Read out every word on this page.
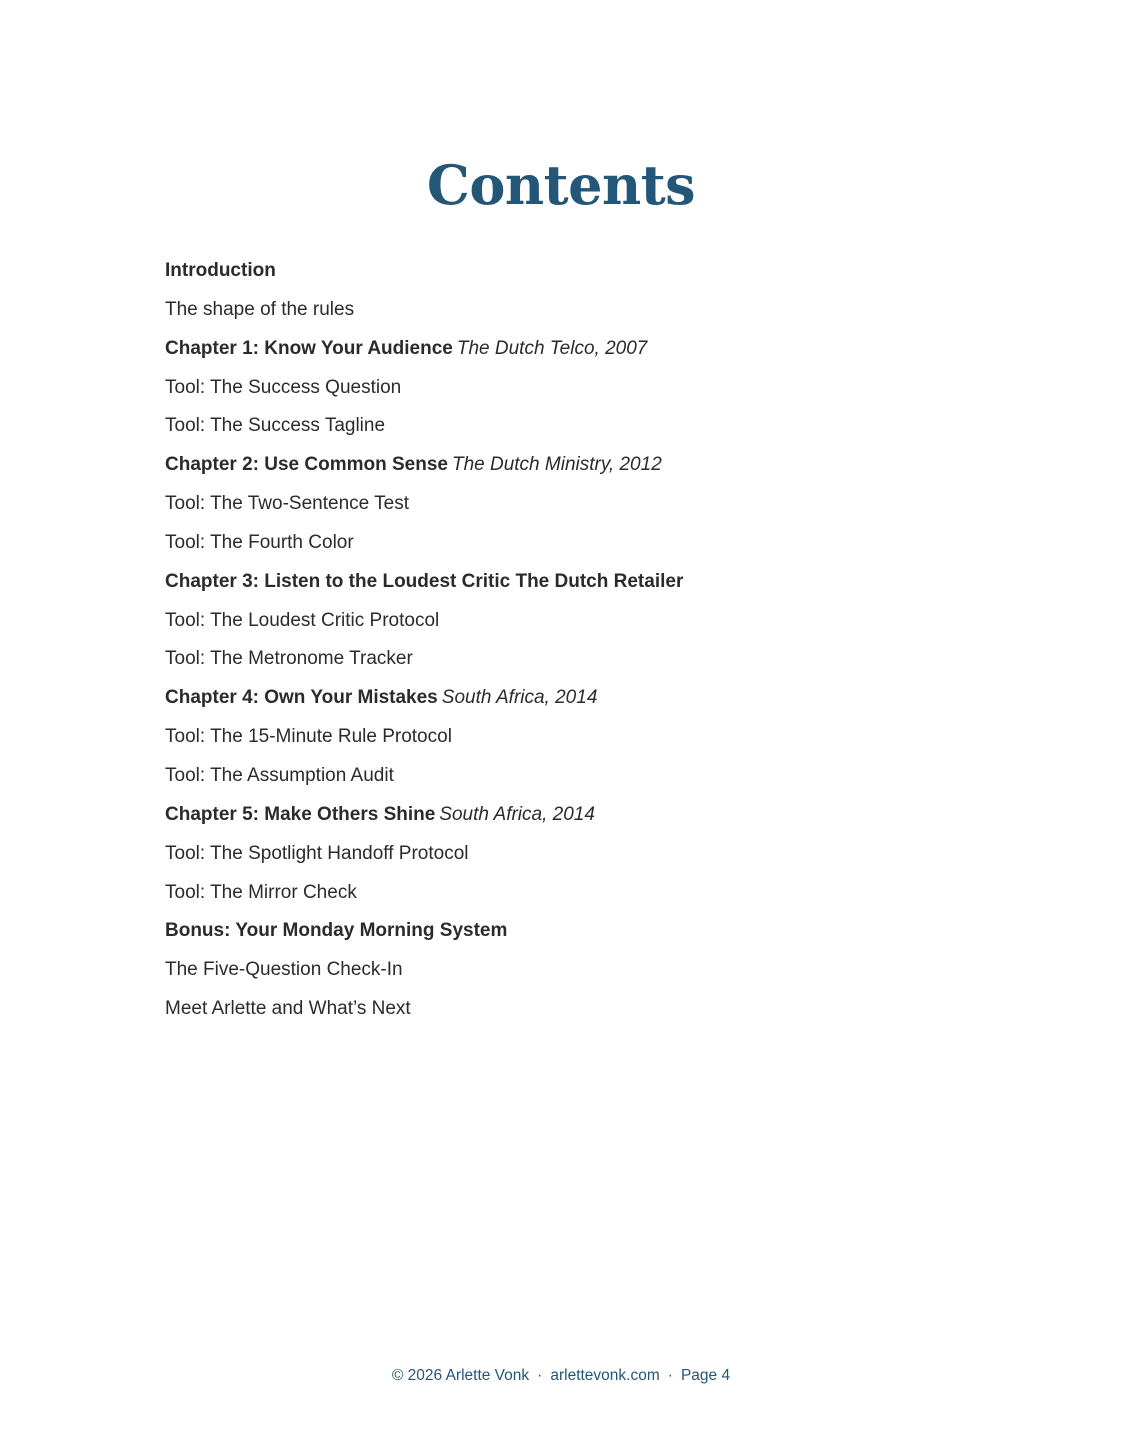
Contents
Introduction
The shape of the rules
Chapter 1: Know Your Audience The Dutch Telco, 2007
Tool: The Success Question
Tool: The Success Tagline
Chapter 2: Use Common Sense The Dutch Ministry, 2012
Tool: The Two-Sentence Test
Tool: The Fourth Color
Chapter 3: Listen to the Loudest Critic The Dutch Retailer
Tool: The Loudest Critic Protocol
Tool: The Metronome Tracker
Chapter 4: Own Your Mistakes South Africa, 2014
Tool: The 15-Minute Rule Protocol
Tool: The Assumption Audit
Chapter 5: Make Others Shine South Africa, 2014
Tool: The Spotlight Handoff Protocol
Tool: The Mirror Check
Bonus: Your Monday Morning System
The Five-Question Check-In
Meet Arlette and What’s Next
© 2026 Arlette Vonk · arlettevonk.com · Page 4
